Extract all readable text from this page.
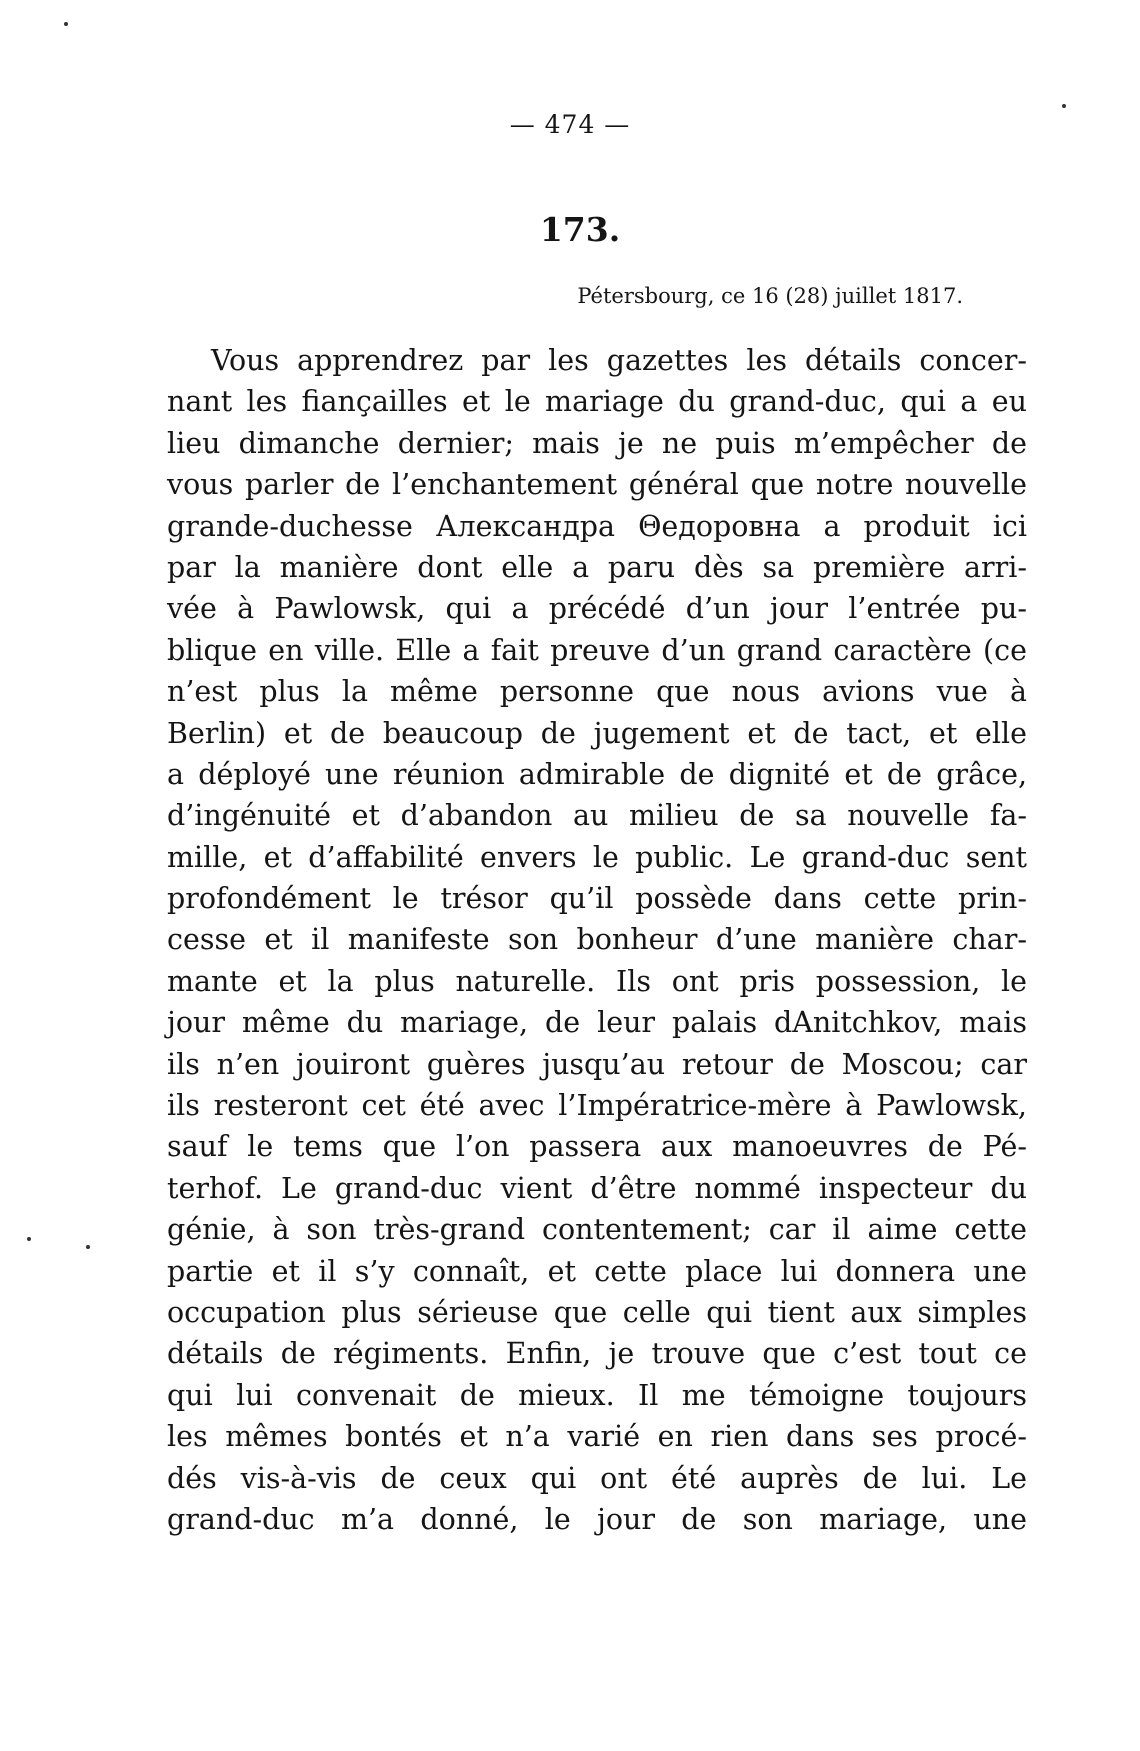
— 474 —
173.
Pétersbourg, ce 16 (28) juillet 1817.
Vous apprendrez par les gazettes les détails concer-
nant les fiançailles et le mariage du grand-duc, qui a eu
lieu dimanche dernier; mais je ne puis m’empêcher de
vous parler de l’enchantement général que notre nouvelle
grande-duchesse Александра Θедоровна a produit ici
par la manière dont elle a paru dès sa première arri-
vée à Pawlowsk, qui a précédé d’un jour l’entrée pu-
blique en ville. Elle a fait preuve d’un grand caractère (ce
n’est plus la même personne que nous avions vue à
Berlin) et de beaucoup de jugement et de tact, et elle
a déployé une réunion admirable de dignité et de grâce,
d’ingénuité et d’abandon au milieu de sa nouvelle fa-
mille, et d’affabilité envers le public. Le grand-duc sent
profondément le trésor qu’il possède dans cette prin-
cesse et il manifeste son bonheur d’une manière char-
mante et la plus naturelle. Ils ont pris possession, le
jour même du mariage, de leur palais dAnitchkov, mais
ils n’en jouiront guères jusqu’au retour de Moscou; car
ils resteront cet été avec l’Impératrice-mère à Pawlowsk,
sauf le tems que l’on passera aux manoeuvres de Pé-
terhof. Le grand-duc vient d’être nommé inspecteur du
génie, à son très-grand contentement; car il aime cette
partie et il s’y connaît, et cette place lui donnera une
occupation plus sérieuse que celle qui tient aux simples
détails de régiments. Enfin, je trouve que c’est tout ce
qui lui convenait de mieux. Il me témoigne toujours
les mêmes bontés et n’a varié en rien dans ses procé-
dés vis-à-vis de ceux qui ont été auprès de lui. Le
grand-duc m’a donné, le jour de son mariage, une
